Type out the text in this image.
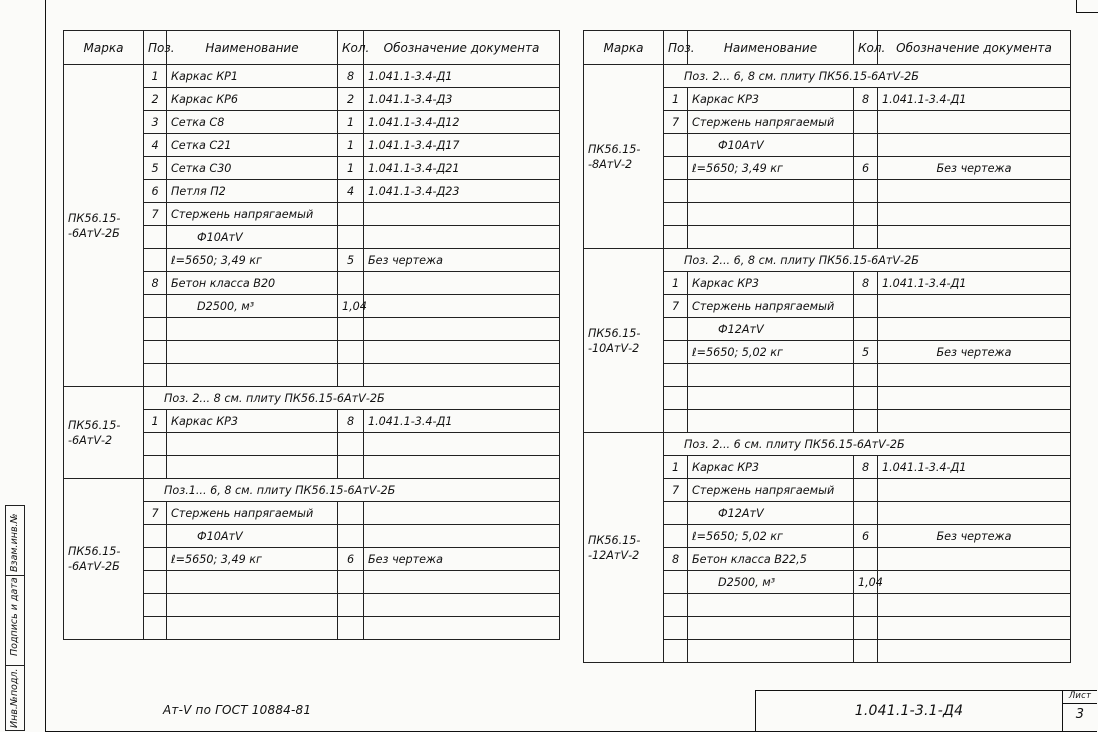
Инв.№подл.
Подпись и дата
Взам.инв.№
Марка	Поз.	Наименование	Кол.	Обозначение документа
ПК56.15-
-6АтⅤ-2Б	1	Каркас КР1	8	1.041.1-3.4-Д1
	2	Каркас КР6	2	1.041.1-3.4-Д3
	3	Сетка С8	1	1.041.1-3.4-Д12
	4	Сетка С21	1	1.041.1-3.4-Д17
	5	Сетка С30	1	1.041.1-3.4-Д21
	6	Петля П2	4	1.041.1-3.4-Д23
	7	Стержень напрягаемый		
		Ф10АтⅤ		
		ℓ=5650; 3,49 кг	5	Без чертежа
	8	Бетон класса В20		
		D2500, м³	1,04	

ПК56.15-
-6АтⅤ-2	Поз. 2... 8 см. плиту ПК56.15-6АтⅤ-2Б			
	1	Каркас КР3	8	1.041.1-3.4-Д1

ПК56.15-
-6АтⅤ-2Б	Поз.1... 6, 8 см. плиту ПК56.15-6АтⅤ-2Б			
	7	Стержень напрягаемый		
		Ф10АтⅤ		
		ℓ=5650; 3,49 кг	6	Без чертежа

Марка	Поз.	Наименование	Кол.	Обозначение документа
ПК56.15-
-8АтⅤ-2	Поз. 2... 6, 8 см. плиту ПК56.15-6АтⅤ-2Б			
	1	Каркас КР3	8	1.041.1-3.4-Д1
	7	Стержень напрягаемый		
		Ф10АтⅤ		
		ℓ=5650; 3,49 кг	6	Без чертежа

ПК56.15-
-10АтⅤ-2	Поз. 2... 6, 8 см. плиту ПК56.15-6АтⅤ-2Б			
	1	Каркас КР3	8	1.041.1-3.4-Д1
	7	Стержень напрягаемый		
		Ф12АтⅤ		
		ℓ=5650; 5,02 кг	5	Без чертежа

ПК56.15-
-12АтⅤ-2	Поз. 2... 6 см. плиту ПК56.15-6АтⅤ-2Б			
	1	Каркас КР3	8	1.041.1-3.4-Д1
	7	Стержень напрягаемый		
		Ф12АтⅤ		
		ℓ=5650; 5,02 кг	6	Без чертежа
	8	Бетон класса В22,5		
		D2500, м³	1,04	

Ат-Ⅴ по ГОСТ 10884-81	1.041.1-3.1-Д4
Лист
3
